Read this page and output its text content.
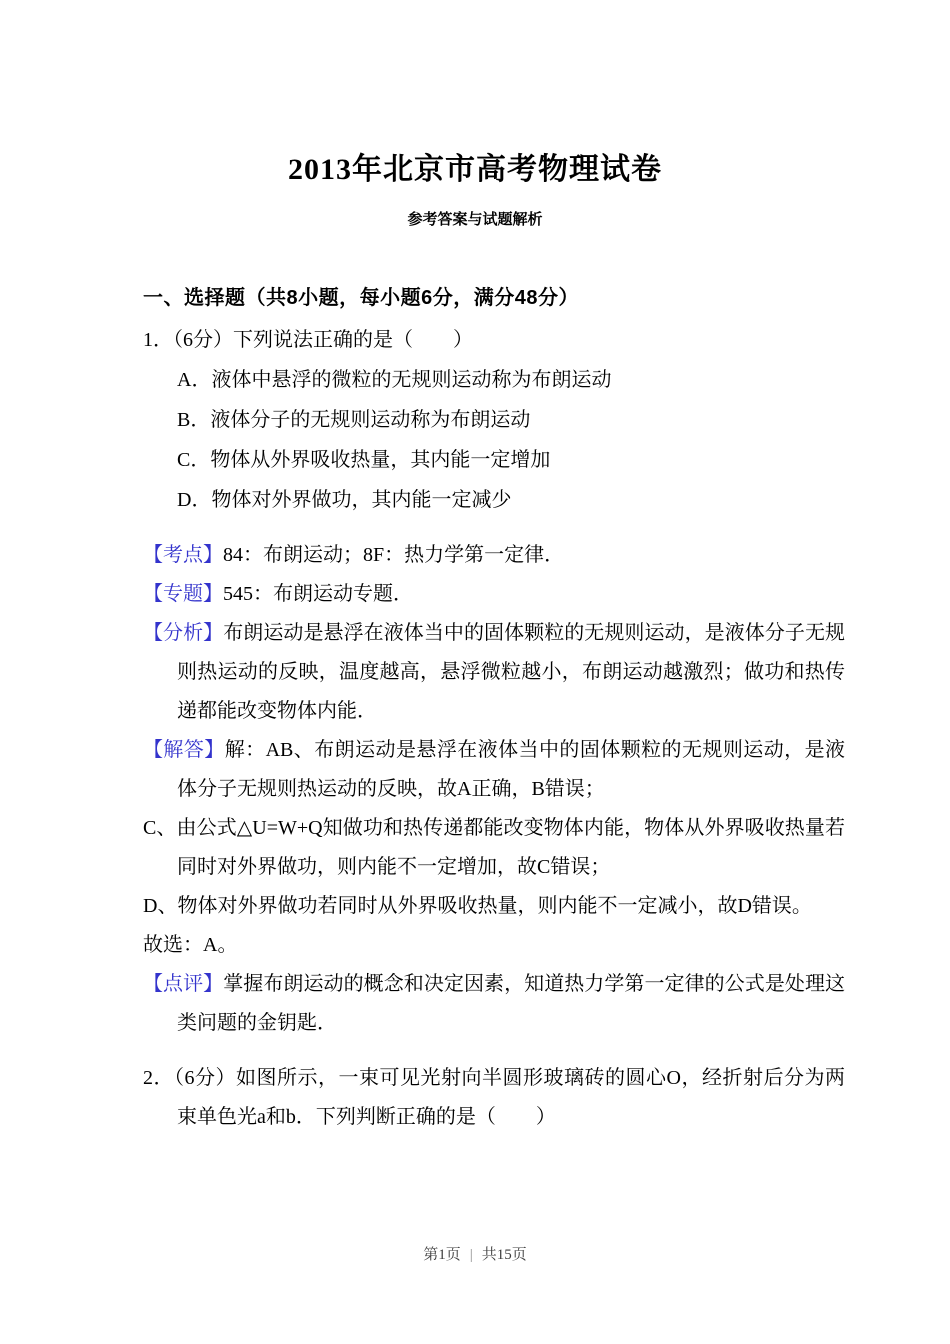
2013年北京市高考物理试卷
参考答案与试题解析
一、选择题（共8小题，每小题6分，满分48分）

1．（6分）下列说法正确的是（　　）

A．液体中悬浮的微粒的无规则运动称为布朗运动

B．液体分子的无规则运动称为布朗运动

C．物体从外界吸收热量，其内能一定增加

D．物体对外界做功，其内能一定减少

【考点】84：布朗运动；8F：热力学第一定律．

【专题】545：布朗运动专题．

【分析】布朗运动是悬浮在液体当中的固体颗粒的无规则运动，是液体分子无规则热运动的反映，温度越高，悬浮微粒越小，布朗运动越激烈；做功和热传递都能改变物体内能．

【解答】解：AB、布朗运动是悬浮在液体当中的固体颗粒的无规则运动，是液体分子无规则热运动的反映，故A正确，B错误；

C、由公式△U=W+Q知做功和热传递都能改变物体内能，物体从外界吸收热量若同时对外界做功，则内能不一定增加，故C错误；

D、物体对外界做功若同时从外界吸收热量，则内能不一定减小，故D错误。

故选：A。

【点评】掌握布朗运动的概念和决定因素，知道热力学第一定律的公式是处理这类问题的金钥匙．

2．（6分）如图所示，一束可见光射向半圆形玻璃砖的圆心O，经折射后分为两束单色光a和b．下列判断正确的是（　　）

第1页 | 共15页
